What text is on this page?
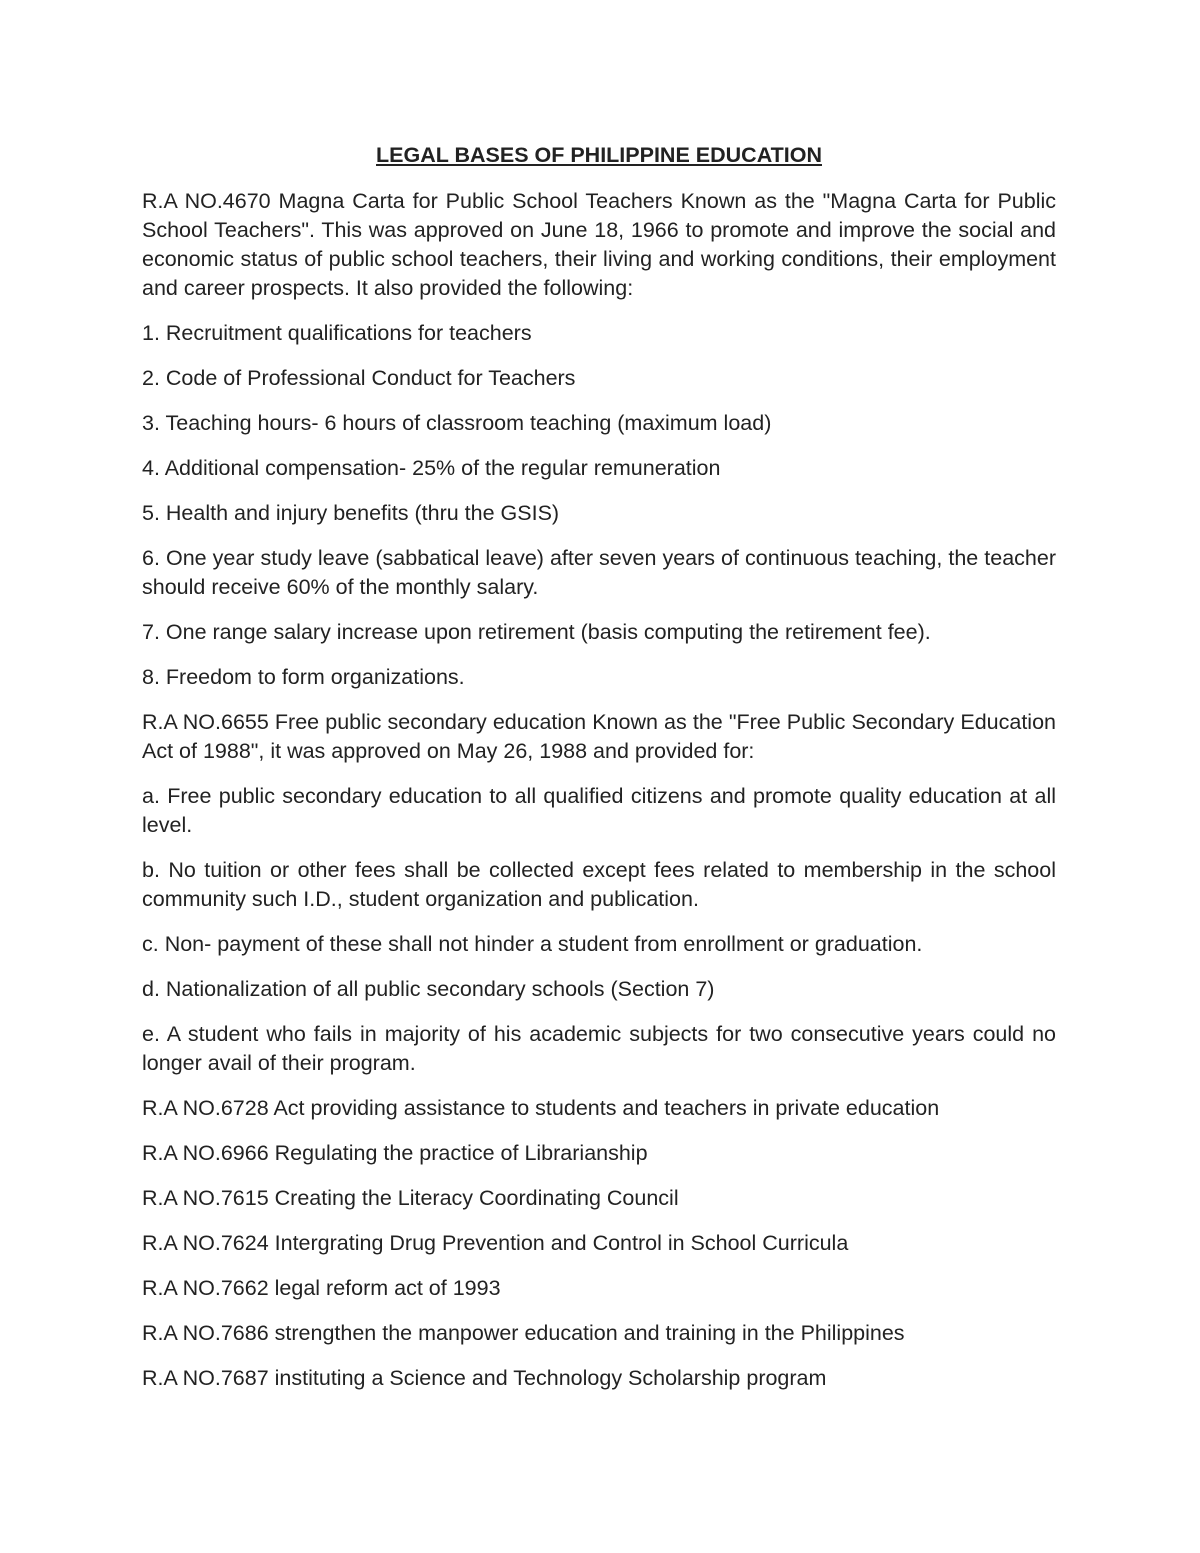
LEGAL BASES OF PHILIPPINE EDUCATION

R.A NO.4670 Magna Carta for Public School Teachers Known as the "Magna Carta for Public School Teachers". This was approved on June 18, 1966 to promote and improve the social and economic status of public school teachers, their living and working conditions, their employment and career prospects. It also provided the following:

1. Recruitment qualifications for teachers

2. Code of Professional Conduct for Teachers

3. Teaching hours- 6 hours of classroom teaching (maximum load)

4. Additional compensation- 25% of the regular remuneration

5. Health and injury benefits (thru the GSIS)

6. One year study leave (sabbatical leave) after seven years of continuous teaching, the teacher should receive 60% of the monthly salary.

7. One range salary increase upon retirement (basis computing the retirement fee).

8. Freedom to form organizations.

R.A NO.6655 Free public secondary education Known as the "Free Public Secondary Education Act of 1988", it was approved on May 26, 1988 and provided for:

a. Free public secondary education to all qualified citizens and promote quality education at all level.

b. No tuition or other fees shall be collected except fees related to membership in the school community such I.D., student organization and publication.

c. Non- payment of these shall not hinder a student from enrollment or graduation.

d. Nationalization of all public secondary schools (Section 7)

e. A student who fails in majority of his academic subjects for two consecutive years could no longer avail of their program.

R.A NO.6728 Act providing assistance to students and teachers in private education

R.A NO.6966 Regulating the practice of Librarianship

R.A NO.7615 Creating the Literacy Coordinating Council

R.A NO.7624 Intergrating Drug Prevention and Control in School Curricula

R.A NO.7662 legal reform act of 1993

R.A NO.7686 strengthen the manpower education and training in the Philippines

R.A NO.7687 instituting a Science and Technology Scholarship program
